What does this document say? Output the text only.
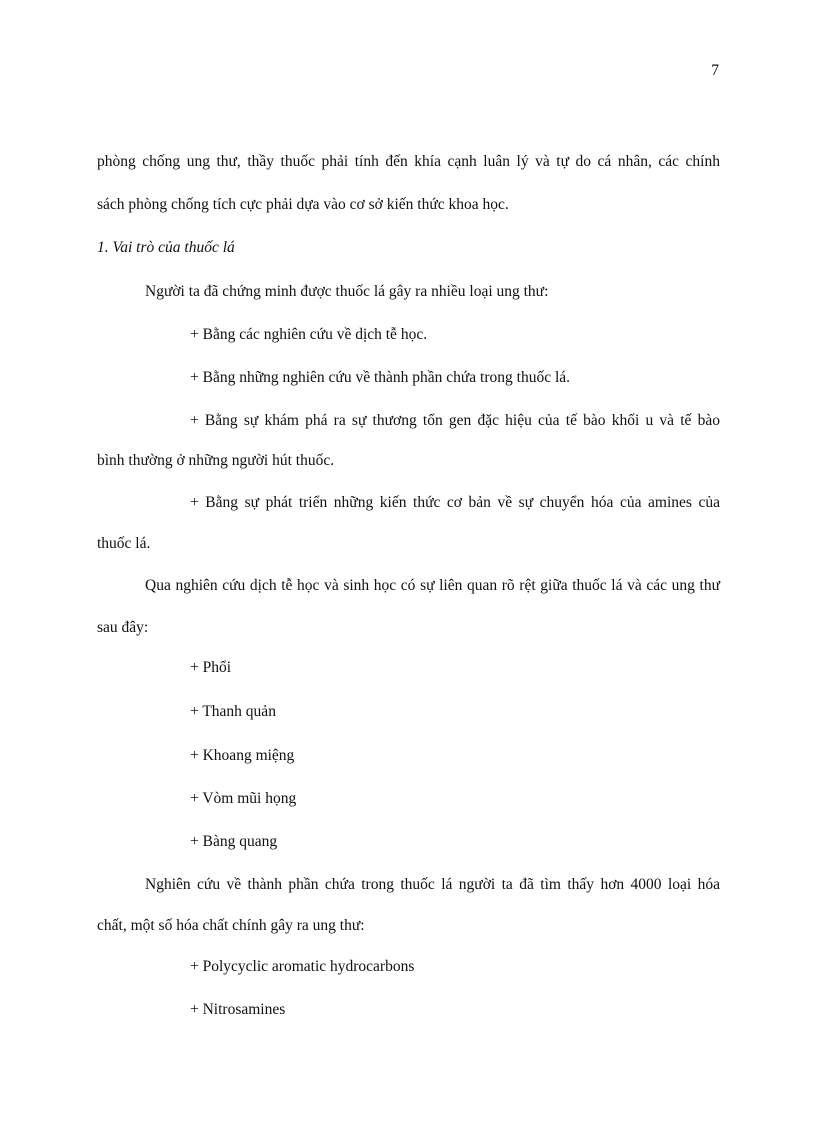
7
phòng chống ung thư, thầy thuốc phải tính đến khía cạnh luân lý và tự do cá nhân, các chính
sách phòng chống tích cực phải dựa vào cơ sở kiến thức khoa học.
1. Vai trò của thuốc lá
Người ta đã chứng minh được thuốc lá gây ra nhiều loại ung thư:
+ Bằng các nghiên cứu về dịch tễ học.
+ Bằng những nghiên cứu về thành phần chứa trong thuốc lá.
+ Bằng sự khám phá ra sự thương tổn gen đặc hiệu của tế bào khối u và tế bào
bình thường ở những người hút thuốc.
+ Bằng sự phát triển những kiến thức cơ bản về sự chuyển hóa của amines của
thuốc lá.
Qua nghiên cứu dịch tễ học và sinh học có sự liên quan rõ rệt giữa thuốc lá và các ung thư
sau đây:
+ Phổi
+ Thanh quản
+ Khoang miệng
+ Vòm mũi họng
+ Bàng quang
Nghiên cứu về thành phần chứa trong thuốc lá người ta đã tìm thấy hơn 4000 loại hóa
chất, một số hóa chất chính gây ra ung thư:
+ Polycyclic aromatic hydrocarbons
+ Nitrosamines
